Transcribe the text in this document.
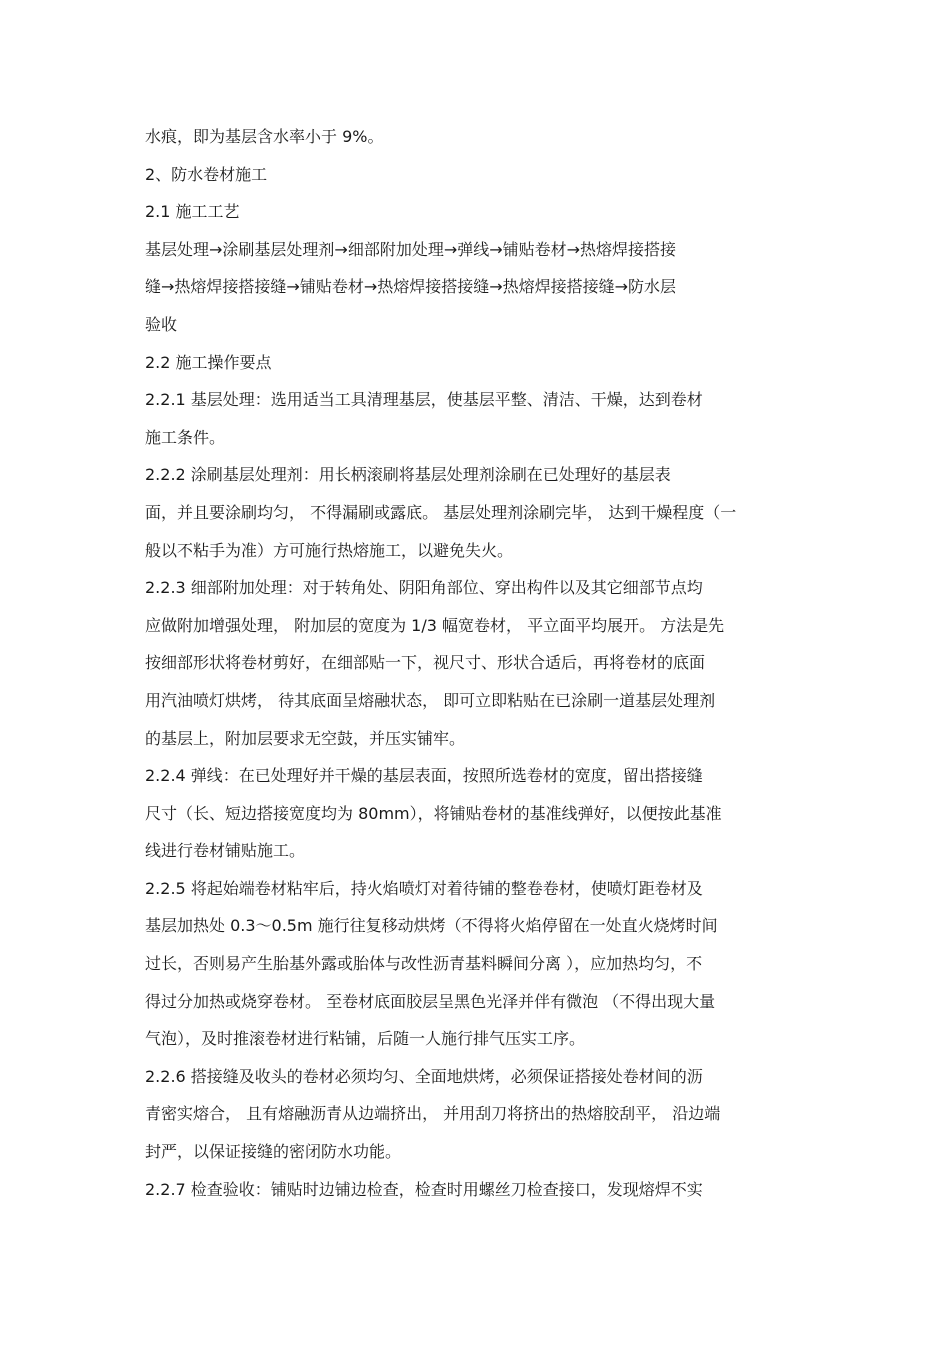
水痕，即为基层含水率小于 9%。
2、防水卷材施工
2.1 施工工艺
基层处理→涂刷基层处理剂→细部附加处理→弹线→铺贴卷材→热熔焊接搭接
缝→热熔焊接搭接缝→铺贴卷材→热熔焊接搭接缝→热熔焊接搭接缝→防水层
验收
2.2 施工操作要点
2.2.1 基层处理：选用适当工具清理基层，使基层平整、清洁、干燥，达到卷材
施工条件。
2.2.2 涂刷基层处理剂：用长柄滚刷将基层处理剂涂刷在已处理好的基层表
面，并且要涂刷均匀， 不得漏刷或露底。 基层处理剂涂刷完毕， 达到干燥程度（一
般以不粘手为准）方可施行热熔施工，以避免失火。
2.2.3 细部附加处理：对于转角处、阴阳角部位、穿出构件以及其它细部节点均
应做附加增强处理， 附加层的宽度为 1/3 幅宽卷材， 平立面平均展开。 方法是先
按细部形状将卷材剪好，在细部贴一下，视尺寸、形状合适后，再将卷材的底面
用汽油喷灯烘烤， 待其底面呈熔融状态， 即可立即粘贴在已涂刷一道基层处理剂
的基层上，附加层要求无空鼓，并压实铺牢。
2.2.4 弹线：在已处理好并干燥的基层表面，按照所选卷材的宽度，留出搭接缝
尺寸（长、短边搭接宽度均为 80mm），将铺贴卷材的基准线弹好，以便按此基准
线进行卷材铺贴施工。
2.2.5 将起始端卷材粘牢后，持火焰喷灯对着待铺的整卷卷材，使喷灯距卷材及
基层加热处 0.3～0.5m 施行往复移动烘烤（不得将火焰停留在一处直火烧烤时间
过长，否则易产生胎基外露或胎体与改性沥青基料瞬间分离 ），应加热均匀，不
得过分加热或烧穿卷材。 至卷材底面胶层呈黑色光泽并伴有微泡 （不得出现大量
气泡），及时推滚卷材进行粘铺，后随一人施行排气压实工序。
2.2.6 搭接缝及收头的卷材必须均匀、全面地烘烤，必须保证搭接处卷材间的沥
青密实熔合， 且有熔融沥青从边端挤出， 并用刮刀将挤出的热熔胶刮平， 沿边端
封严，以保证接缝的密闭防水功能。
2.2.7 检查验收：铺贴时边铺边检查，检查时用螺丝刀检查接口，发现熔焊不实
